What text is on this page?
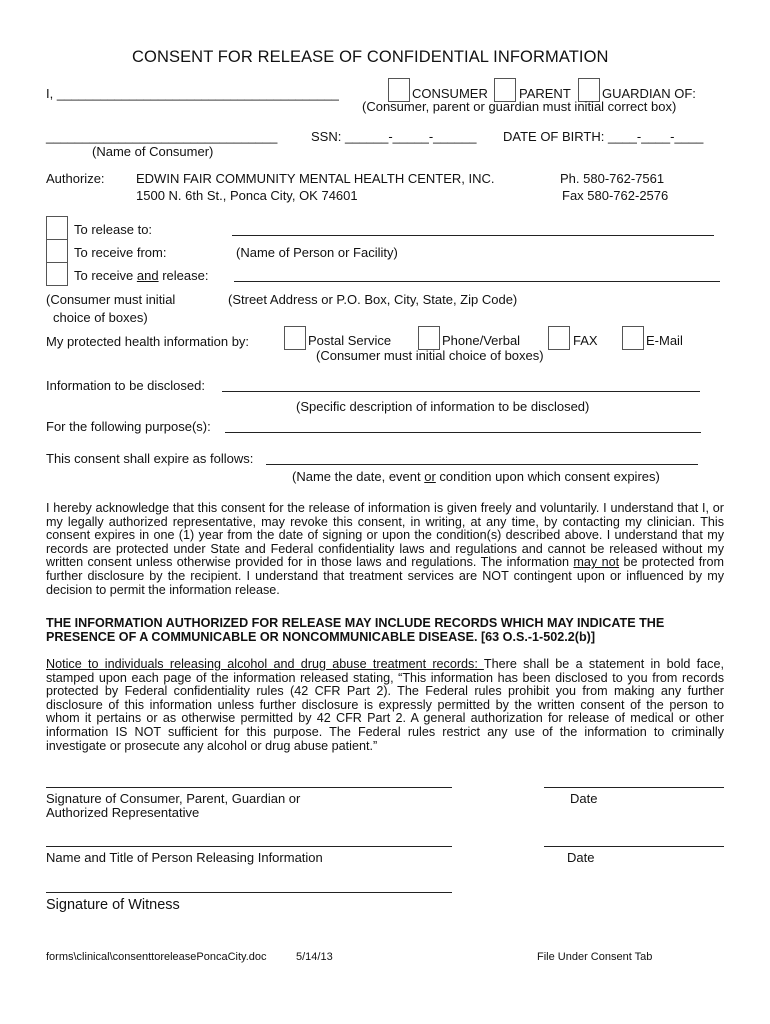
CONSENT FOR RELEASE OF CONFIDENTIAL INFORMATION
I, _______________________________________	CONSUMER PARENT GUARDIAN OF:
(Consumer, parent or guardian must initial correct box)
________________________________	SSN: ______-_____-______ DATE OF BIRTH: ____-____-____
(Name of Consumer)
Authorize: EDWIN FAIR COMMUNITY MENTAL HEALTH CENTER, INC.
1500 N. 6th St., Ponca City, OK 74601
Ph. 580-762-7561
Fax 580-762-2576
To release to:
To receive from:	(Name of Person or Facility)
To receive and release:
(Consumer must initial
choice of boxes)
(Street Address or P.O. Box, City, State, Zip Code)
My protected health information by:	Postal Service	Phone/Verbal	FAX	E-Mail
(Consumer must initial choice of boxes)
Information to be disclosed:
(Specific description of information to be disclosed)
For the following purpose(s):
This consent shall expire as follows:
(Name the date, event or condition upon which consent expires)
I hereby acknowledge that this consent for the release of information is given freely and voluntarily. I understand that I, or my legally authorized representative, may revoke this consent, in writing, at any time, by contacting my clinician. This consent expires in one (1) year from the date of signing or upon the condition(s) described above. I understand that my records are protected under State and Federal confidentiality laws and regulations and cannot be released without my written consent unless otherwise provided for in those laws and regulations. The information may not be protected from further disclosure by the recipient. I understand that treatment services are NOT contingent upon or influenced by my decision to permit the information release.
THE INFORMATION AUTHORIZED FOR RELEASE MAY INCLUDE RECORDS WHICH MAY INDICATE THE PRESENCE OF A COMMUNICABLE OR NONCOMMUNICABLE DISEASE. [63 O.S.-1-502.2(b)]
Notice to individuals releasing alcohol and drug abuse treatment records: There shall be a statement in bold face, stamped upon each page of the information released stating, “This information has been disclosed to you from records protected by Federal confidentiality rules (42 CFR Part 2). The Federal rules prohibit you from making any further disclosure of this information unless further disclosure is expressly permitted by the written consent of the person to whom it pertains or as otherwise permitted by 42 CFR Part 2. A general authorization for release of medical or other information IS NOT sufficient for this purpose. The Federal rules restrict any use of the information to criminally investigate or prosecute any alcohol or drug abuse patient.”
Signature of Consumer, Parent, Guardian or
Authorized Representative
Date
Name and Title of Person Releasing Information	Date
Signature of Witness
forms\clinical\consenttoreleasePoncaCity.doc	5/14/13	File Under Consent Tab
